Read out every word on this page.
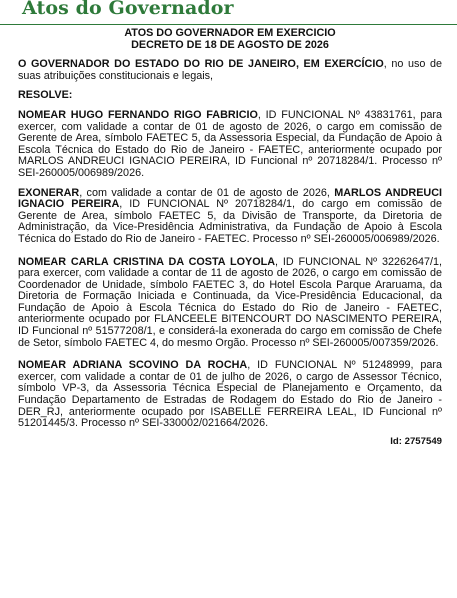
Atos do Governador
ATOS DO GOVERNADOR EM EXERCICIO
DECRETO DE 18 DE AGOSTO DE 2026

O GOVERNADOR DO ESTADO DO RIO DE JANEIRO, EM EXERCÍCIO, no uso de suas atribuições constitucionais e legais,

RESOLVE:

NOMEAR HUGO FERNANDO RIGO FABRICIO, ID FUNCIONAL Nº 43831761, para exercer, com validade a contar de 01 de agosto de 2026, o cargo em comissão de Gerente de Area, símbolo FAETEC 5, da Assessoria Especial, da Fundação de Apoio à Escola Técnica do Estado do Rio de Janeiro - FAETEC, anteriormente ocupado por MARLOS ANDREUCI IGNACIO PEREIRA, ID Funcional nº 20718284/1. Processo nº SEI-260005/006989/2026.

EXONERAR, com validade a contar de 01 de agosto de 2026, MARLOS ANDREUCI IGNACIO PEREIRA, ID FUNCIONAL Nº 20718284/1, do cargo em comissão de Gerente de Area, símbolo FAETEC 5, da Divisão de Transporte, da Diretoria de Administração, da Vice-Presidência Administrativa, da Fundação de Apoio à Escola Técnica do Estado do Rio de Janeiro - FAETEC. Processo nº SEI-260005/006989/2026.

NOMEAR CARLA CRISTINA DA COSTA LOYOLA, ID FUNCIONAL Nº 32262647/1, para exercer, com validade a contar de 11 de agosto de 2026, o cargo em comissão de Coordenador de Unidade, símbolo FAETEC 3, do Hotel Escola Parque Araruama, da Diretoria de Formação Iniciada e Continuada, da Vice-Presidência Educacional, da Fundação de Apoio à Escola Técnica do Estado do Rio de Janeiro - FAETEC, anteriormente ocupado por FLANCEELE BITENCOURT DO NASCIMENTO PEREIRA, ID Funcional nº 51577208/1, e considerá-la exonerada do cargo em comissão de Chefe de Setor, símbolo FAETEC 4, do mesmo Orgão. Processo nº SEI-260005/007359/2026.

NOMEAR ADRIANA SCOVINO DA ROCHA, ID FUNCIONAL Nº 51248999, para exercer, com validade a contar de 01 de julho de 2026, o cargo de Assessor Técnico, símbolo VP-3, da Assessoria Técnica Especial de Planejamento e Orçamento, da Fundação Departamento de Estradas de Rodagem do Estado do Rio de Janeiro - DER_RJ, anteriormente ocupado por ISABELLE FERREIRA LEAL, ID Funcional nº 51201445/3. Processo nº SEI-330002/021664/2026.

Id: 2757549
